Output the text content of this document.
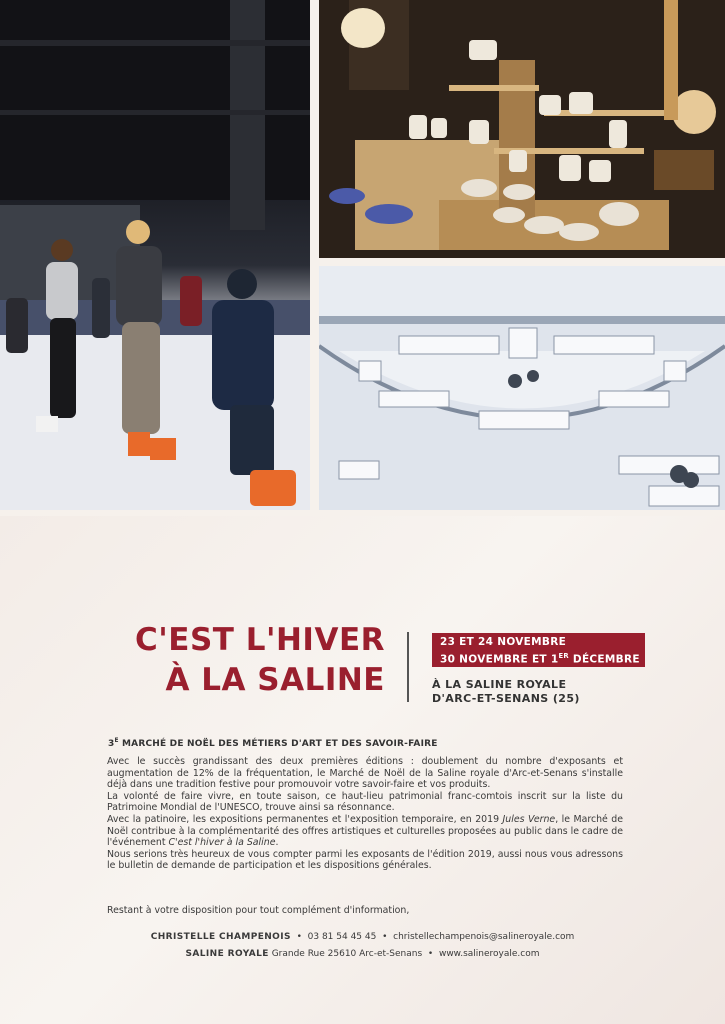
C'EST L'HIVER
À LA SALINE
23 ET 24 NOVEMBRE
30 NOVEMBRE ET 1ER DÉCEMBRE
À LA SALINE ROYALE
D'ARC-ET-SENANS (25)
$3^E$ MARCHÉ DE NOËL DES MÉTIERS D'ART ET DES SAVOIR-FAIRE

Avec le succès grandissant des deux premières éditions : doublement du nombre d'exposants et augmentation de 12% de la fréquentation, le Marché de Noël de la Saline royale d'Arc-et-Senans s'installe déjà dans une tradition festive pour promouvoir votre savoir-faire et vos produits.

La volonté de faire vivre, en toute saison, ce haut-lieu patrimonial franc-comtois inscrit sur la liste du Patrimoine Mondial de l'UNESCO, trouve ainsi sa résonnance.

Avec la patinoire, les expositions permanentes et l'exposition temporaire, en 2019 Jules Verne, le Marché de Noël contribue à la complémentarité des offres artistiques et culturelles proposées au public dans le cadre de l'événement C'est l'hiver à la Saline.

Nous serions très heureux de vous compter parmi les exposants de l'édition 2019, aussi nous vous adressons le bulletin de demande de participation et les dispositions générales.

Restant à votre disposition pour tout complément d'information,
CHRISTELLE CHAMPENOIS • 03 81 54 45 45 • christellechampenois@salineroyale.com
SALINE ROYALE Grande Rue 25610 Arc-et-Senans • www.salineroyale.com
